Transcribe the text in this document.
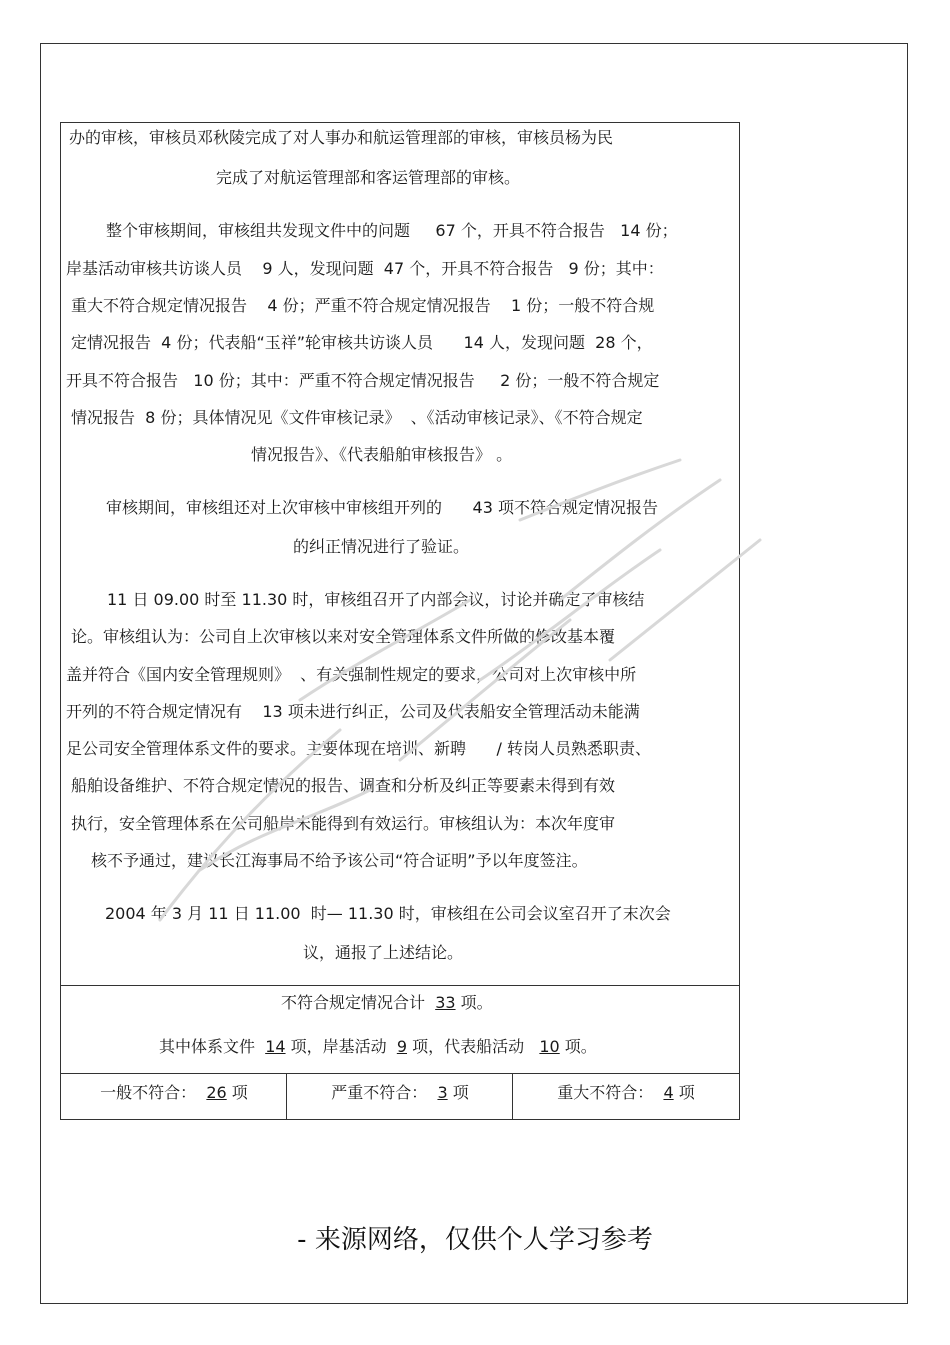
办的审核，审核员邓秋陵完成了对人事办和航运管理部的审核，审核员杨为民
完成了对航运管理部和客运管理部的审核。
整个审核期间，审核组共发现文件中的问题     67 个，开具不符合报告   14 份；
岸基活动审核共访谈人员    9 人，发现问题  47 个，开具不符合报告   9 份；其中：
重大不符合规定情况报告    4 份；严重不符合规定情况报告    1 份；一般不符合规
定情况报告  4 份；代表船“玉祥”轮审核共访谈人员      14 人，发现问题  28 个，
开具不符合报告   10 份；其中：严重不符合规定情况报告     2 份；一般不符合规定
情况报告  8 份；具体情况见《文件审核记录》  、《活动审核记录》、《不符合规定
情况报告》、《代表船舶审核报告》 。
审核期间，审核组还对上次审核中审核组开列的      43 项不符合规定情况报告
的纠正情况进行了验证。
11 日 09.00 时至 11.30 时，审核组召开了内部会议，讨论并确定了审核结
论。审核组认为：公司自上次审核以来对安全管理体系文件所做的修改基本覆
盖并符合《国内安全管理规则》  、有关强制性规定的要求，公司对上次审核中所
开列的不符合规定情况有    13 项未进行纠正，公司及代表船安全管理活动未能满
足公司安全管理体系文件的要求。主要体现在培训、新聘      / 转岗人员熟悉职责、
船舶设备维护、不符合规定情况的报告、调查和分析及纠正等要素未得到有效
执行，安全管理体系在公司船岸未能得到有效运行。审核组认为：本次年度审
核不予通过，建议长江海事局不给予该公司“符合证明”予以年度签注。
2004 年 3 月 11 日 11.00  时— 11.30 时，审核组在公司会议室召开了末次会
议，通报了上述结论。
不符合规定情况合计  33 项。
其中体系文件  14 项，岸基活动  9 项，代表船活动   10 项。
一般不符合：  26 项	严重不符合：  3 项	重大不符合：  4 项
- 来源网络，仅供个人学习参考
